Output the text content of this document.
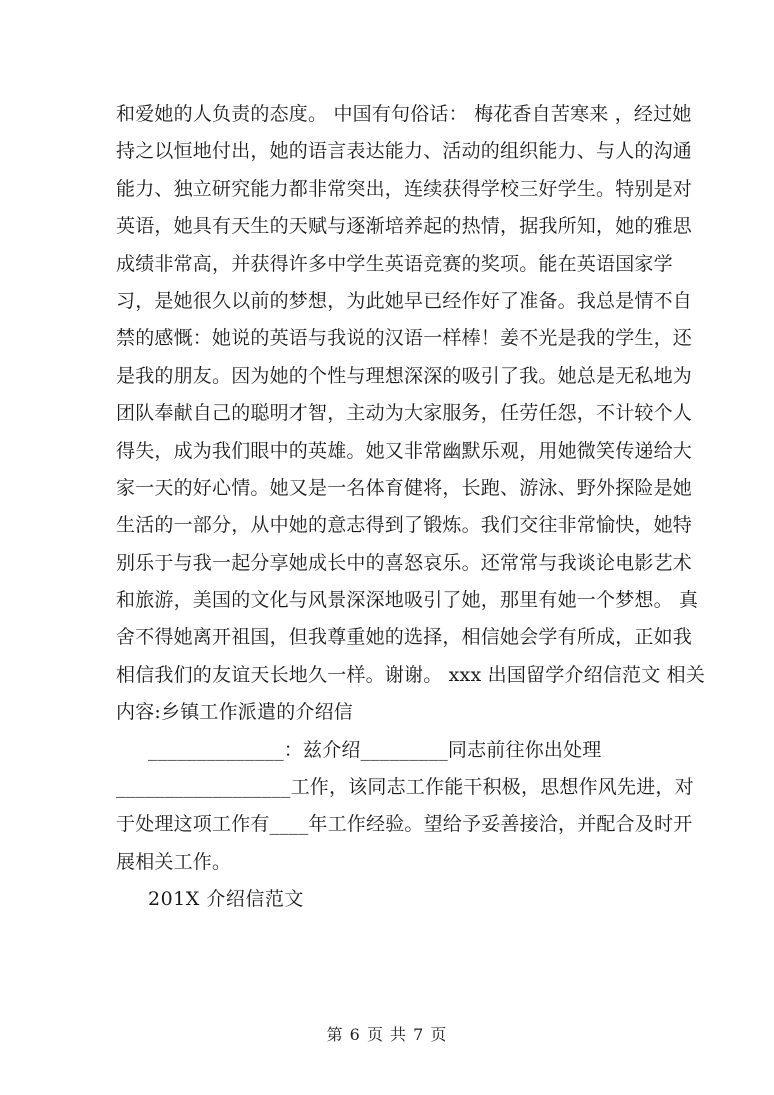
和爱她的人负责的态度。 中国有句俗话： 梅花香自苦寒来 ，经过她
持之以恒地付出，她的语言表达能力、活动的组织能力、与人的沟通
能力、独立研究能力都非常突出，连续获得学校三好学生。特别是对
英语，她具有天生的天赋与逐渐培养起的热情，据我所知，她的雅思
成绩非常高，并获得许多中学生英语竞赛的奖项。能在英语国家学
习，是她很久以前的梦想，为此她早已经作好了准备。我总是情不自
禁的感慨：她说的英语与我说的汉语一样棒！姜不光是我的学生，还
是我的朋友。因为她的个性与理想深深的吸引了我。她总是无私地为
团队奉献自己的聪明才智，主动为大家服务，任劳任怨，不计较个人
得失，成为我们眼中的英雄。她又非常幽默乐观，用她微笑传递给大
家一天的好心情。她又是一名体育健将，长跑、游泳、野外探险是她
生活的一部分，从中她的意志得到了锻炼。我们交往非常愉快，她特
别乐于与我一起分享她成长中的喜怒哀乐。还常常与我谈论电影艺术
和旅游，美国的文化与风景深深地吸引了她，那里有她一个梦想。 真
舍不得她离开祖国，但我尊重她的选择，相信她会学有所成，正如我
相信我们的友谊天长地久一样。谢谢。 xxx 出国留学介绍信范文 相关
内容:乡镇工作派遣的介绍信
______________：兹介绍_________同志前往你出处理
__________________工作，该同志工作能干积极，思想作风先进，对
于处理这项工作有____年工作经验。望给予妥善接洽，并配合及时开
展相关工作。
201X 介绍信范文
第 6 页 共 7 页
